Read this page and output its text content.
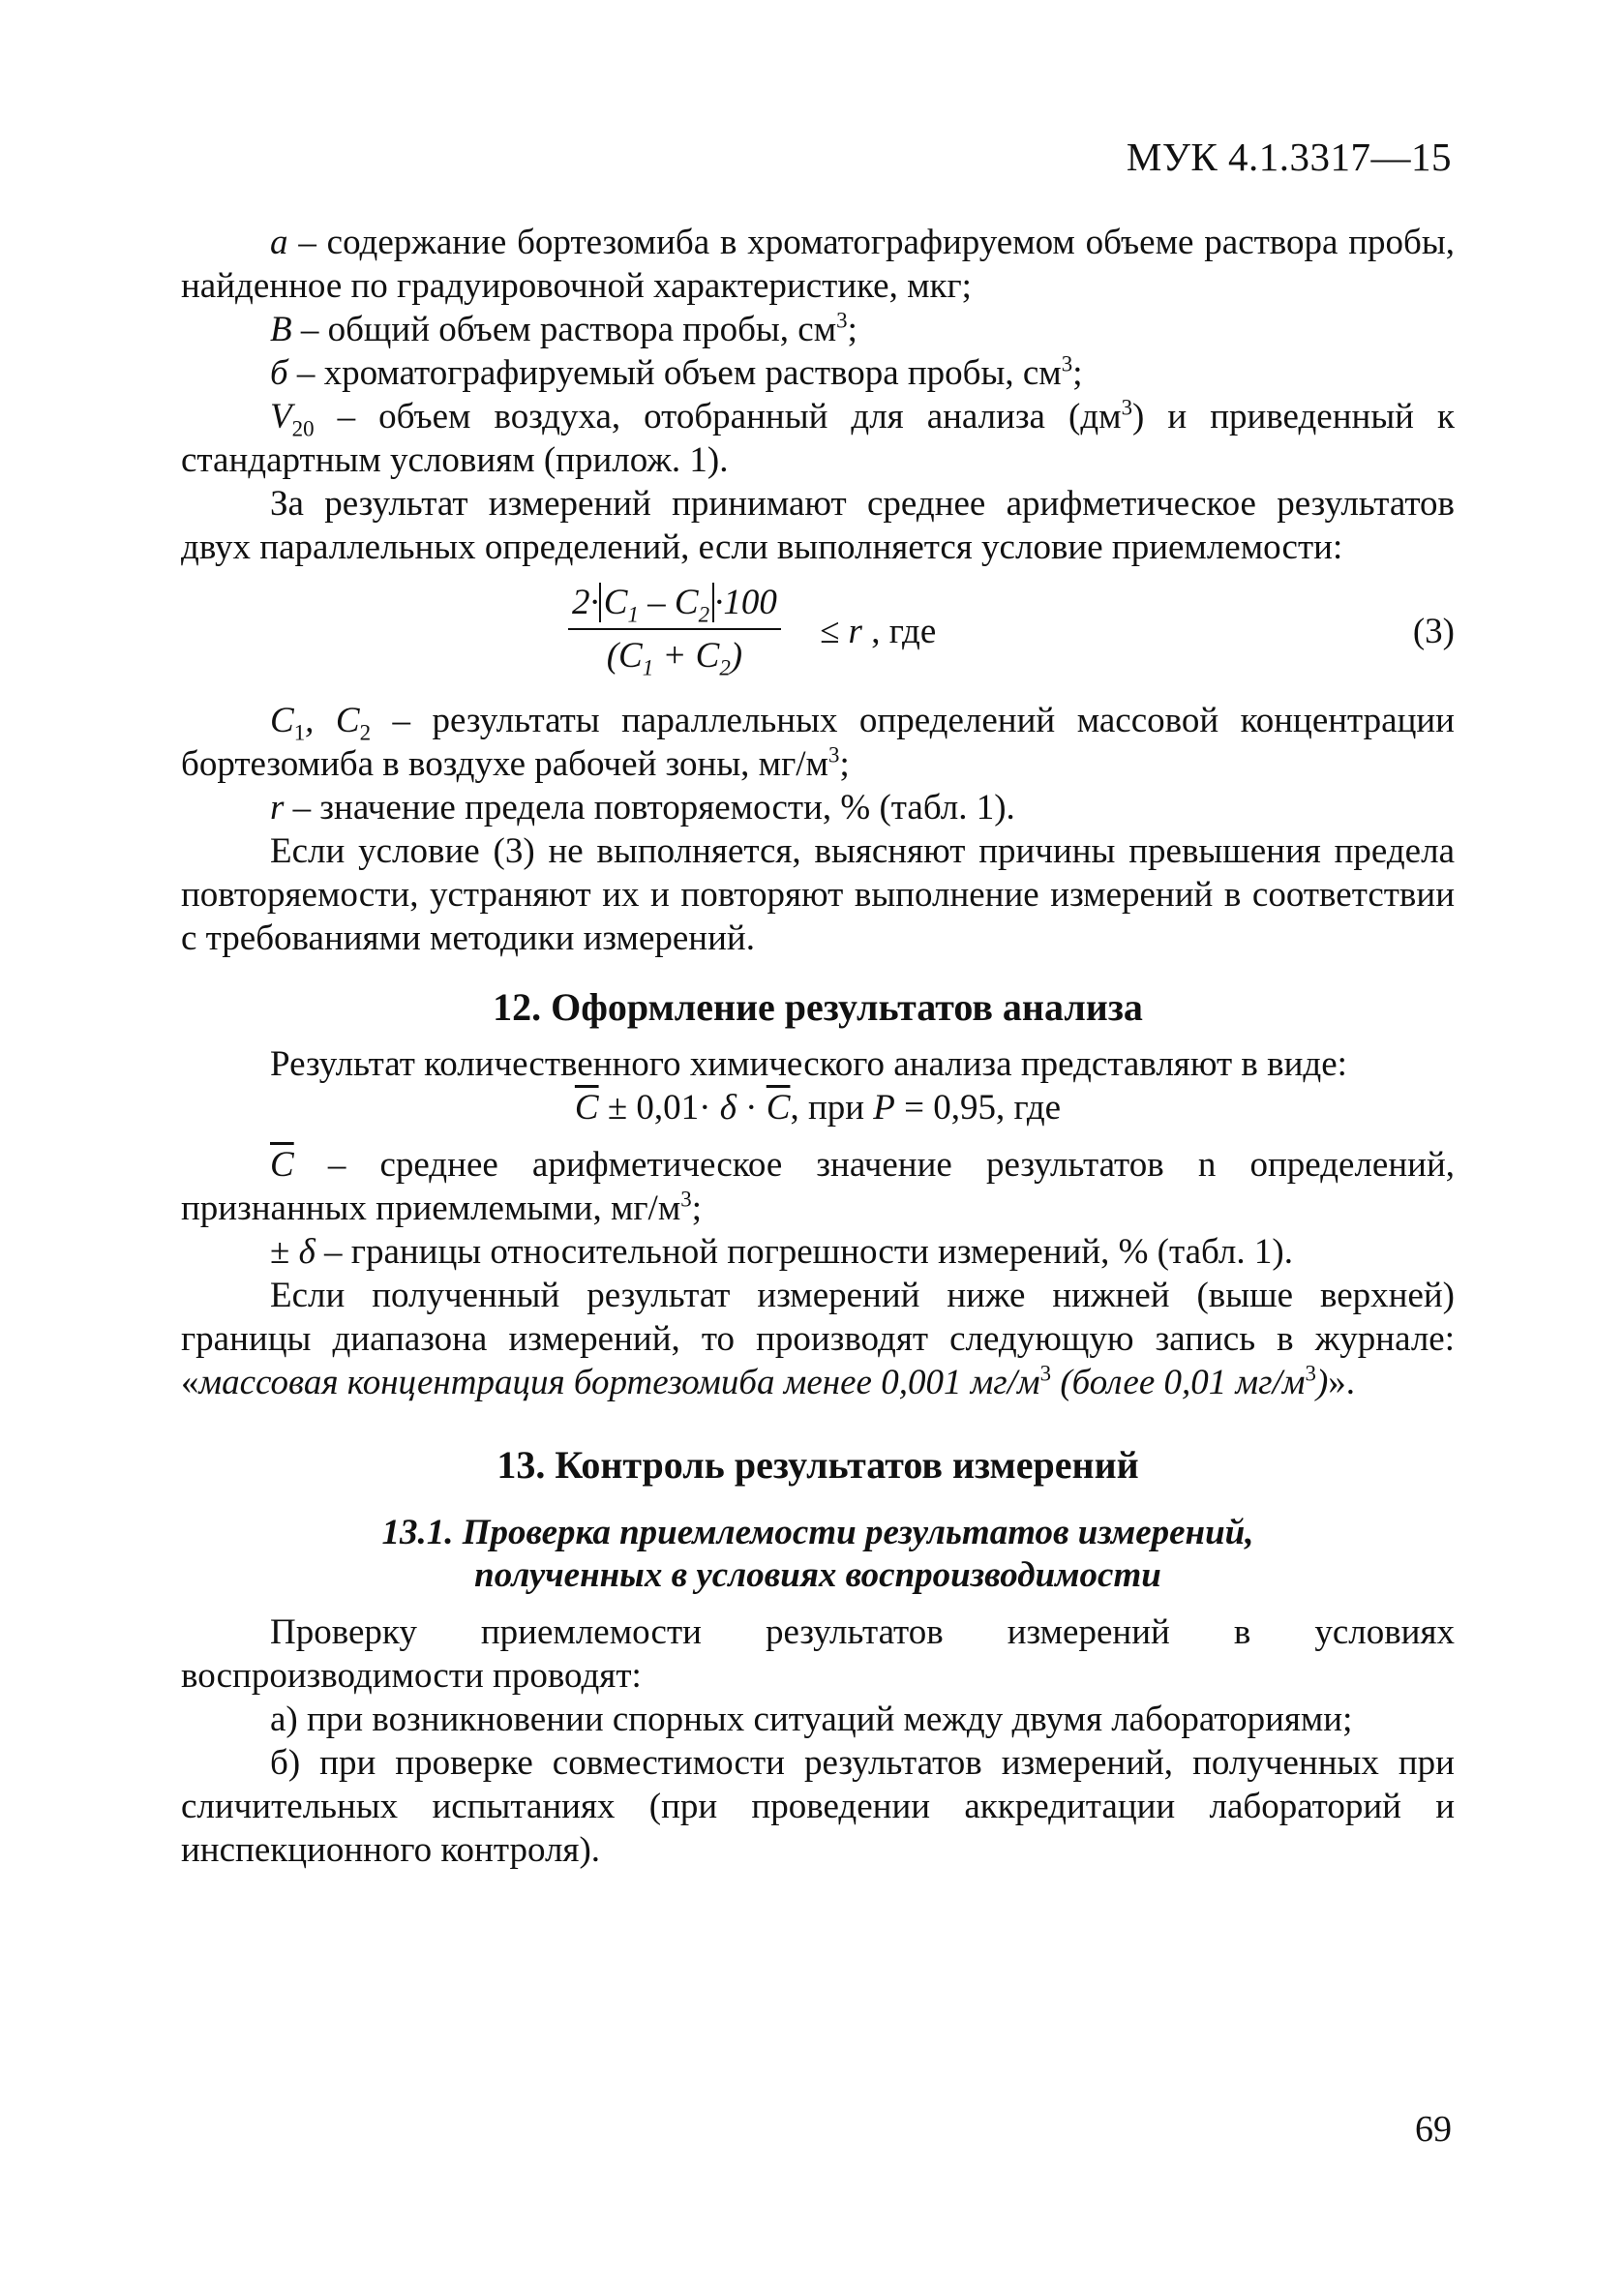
МУК 4.1.3317—15

а – содержание бортезомиба в хроматографируемом объеме раствора пробы, найденное по градуировочной характеристике, мкг;

В – общий объем раствора пробы, $см^3$;

б – хроматографируемый объем раствора пробы, $см^3$;

$V_{20}$ – объем воздуха, отобранный для анализа $(дм^3)$ и приведенный к стандартным условиям (прилож. 1).

За результат измерений принимают среднее арифметическое результатов двух параллельных определений, если выполняется условие приемлемости:

$\frac{2\cdot C_1 - C_2 \cdot 100}{(C_1 + C_2)} \le r$ , где	(3)

$C_1$, $C_2$ – результаты параллельных определений массовой концентрации бортезомиба в воздухе рабочей зоны, $мг/м^3$;

r – значение предела повторяемости, % (табл. 1).

Если условие (3) не выполняется, выясняют причины превышения предела повторяемости, устраняют их и повторяют выполнение измерений в соответствии с требованиями методики измерений.

12. Оформление результатов анализа

Результат количественного химического анализа представляют в виде:

$\overline{C} \pm 0,01\cdot \delta \cdot \overline{C}$, при P = 0,95, где

$\overline{C}$ – среднее арифметическое значение результатов n определений, признанных приемлемыми, $мг/м^3$;

± δ – границы относительной погрешности измерений, % (табл. 1).

Если полученный результат измерений ниже нижней (выше верхней) границы диапазона измерений, то производят следующую запись в журнале: «массовая концентрация бортезомиба менее 0,001 $мг/м^3$ (более 0,01 $мг/м^3$)».

13. Контроль результатов измерений
13.1. Проверка приемлемости результатов измерений,
полученных в условиях воспроизводимости

Проверку приемлемости результатов измерений в условиях воспроизводимости проводят:

а) при возникновении спорных ситуаций между двумя лабораториями;

б) при проверке совместимости результатов измерений, полученных при сличительных испытаниях (при проведении аккредитации лабораторий и инспекционного контроля).

69
